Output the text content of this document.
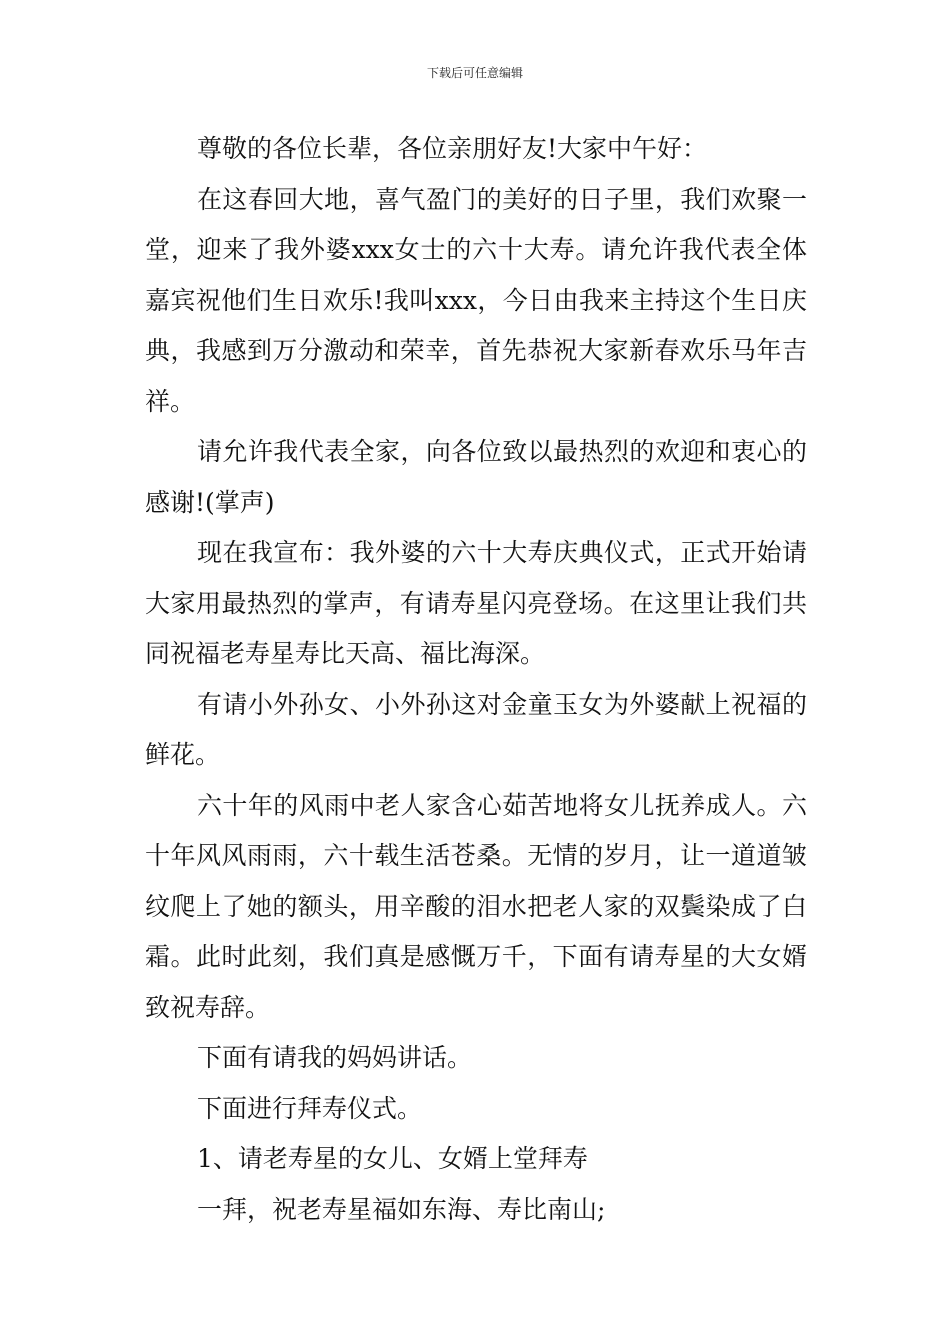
下载后可任意编辑

尊敬的各位长辈，各位亲朋好友!大家中午好：

在这春回大地，喜气盈门的美好的日子里，我们欢聚一堂，迎来了我外婆xxx女士的六十大寿。请允许我代表全体嘉宾祝他们生日欢乐!我叫xxx，今日由我来主持这个生日庆典，我感到万分激动和荣幸，首先恭祝大家新春欢乐马年吉祥。

请允许我代表全家，向各位致以最热烈的欢迎和衷心的感谢!(掌声)

现在我宣布：我外婆的六十大寿庆典仪式，正式开始请大家用最热烈的掌声，有请寿星闪亮登场。在这里让我们共同祝福老寿星寿比天高、福比海深。

有请小外孙女、小外孙这对金童玉女为外婆献上祝福的鲜花。

六十年的风雨中老人家含心茹苦地将女儿抚养成人。六十年风风雨雨，六十载生活苍桑。无情的岁月，让一道道皱纹爬上了她的额头，用辛酸的泪水把老人家的双鬓染成了白霜。此时此刻，我们真是感慨万千，下面有请寿星的大女婿致祝寿辞。

下面有请我的妈妈讲话。

下面进行拜寿仪式。

1、请老寿星的女儿、女婿上堂拜寿

一拜，祝老寿星福如东海、寿比南山;
